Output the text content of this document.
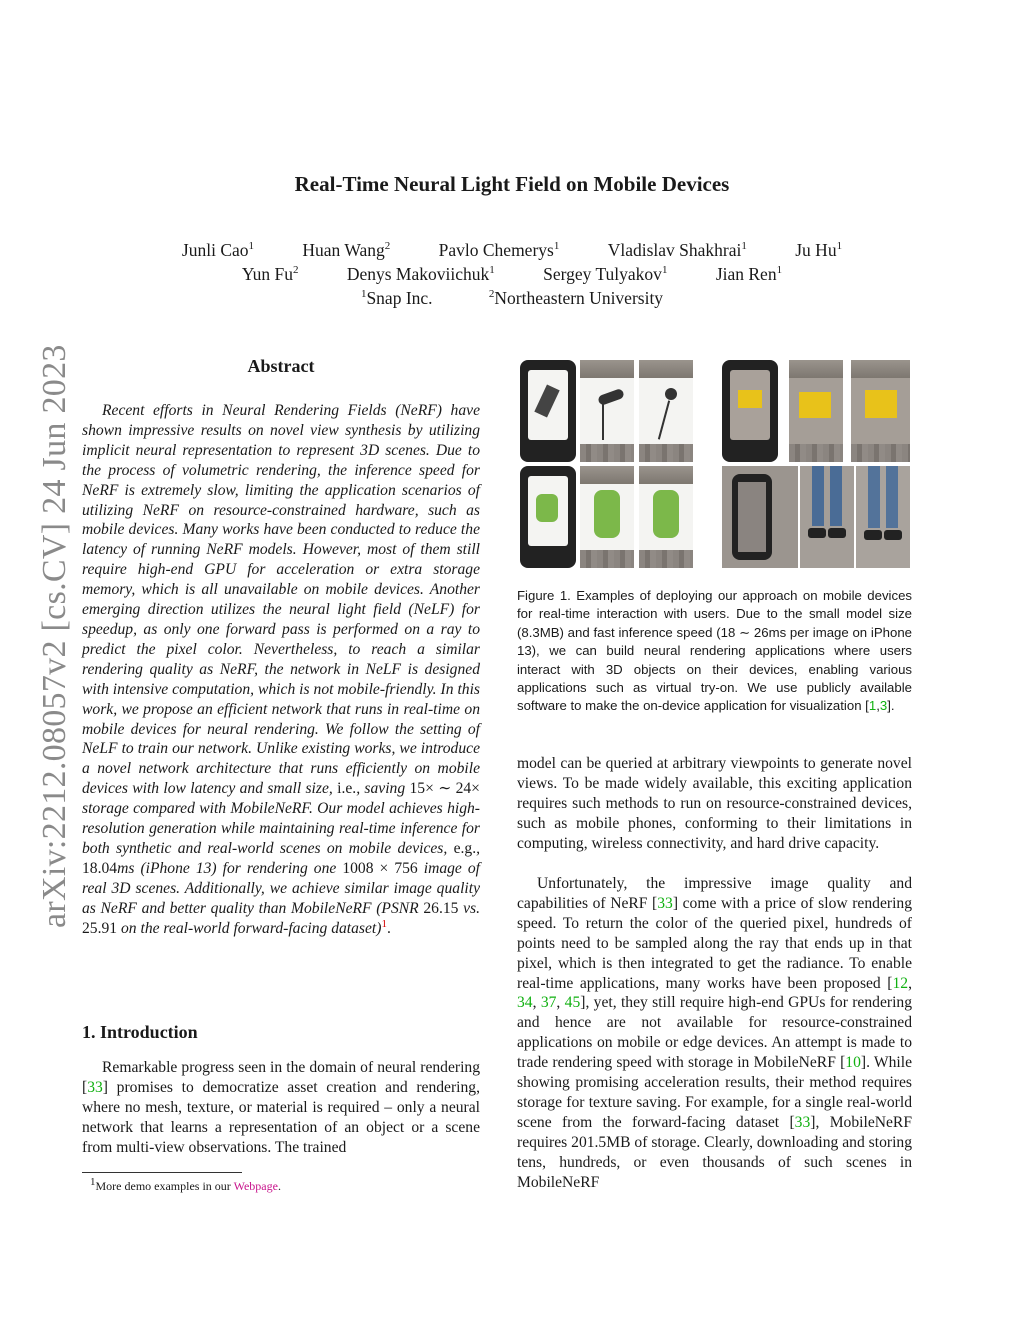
arXiv:2212.08057v2 [cs.CV] 24 Jun 2023
Real-Time Neural Light Field on Mobile Devices
Junli Cao$^1$	Huan Wang$^2$	Pavlo Chemerys$^1$	Vladislav Shakhrai$^1$	Ju Hu$^1$
Yun Fu$^2$	Denys Makoviichuk$^1$	Sergey Tulyakov$^1$	Jian Ren$^1$
$^1$Snap Inc.	$^2$Northeastern University
Abstract
Recent efforts in Neural Rendering Fields (NeRF) have shown impressive results on novel view synthesis by utilizing implicit neural representation to represent 3D scenes. Due to the process of volumetric rendering, the inference speed for NeRF is extremely slow, limiting the application scenarios of utilizing NeRF on resource-constrained hardware, such as mobile devices. Many works have been conducted to reduce the latency of running NeRF models. However, most of them still require high-end GPU for acceleration or extra storage memory, which is all unavailable on mobile devices. Another emerging direction utilizes the neural light field (NeLF) for speedup, as only one forward pass is performed on a ray to predict the pixel color. Nevertheless, to reach a similar rendering quality as NeRF, the network in NeLF is designed with intensive computation, which is not mobile-friendly. In this work, we propose an efficient network that runs in real-time on mobile devices for neural rendering. We follow the setting of NeLF to train our network. Unlike existing works, we introduce a novel network architecture that runs efficiently on mobile devices with low latency and small size, i.e., saving 15× ∼ 24× storage compared with MobileNeRF. Our model achieves high-resolution generation while maintaining real-time inference for both synthetic and real-world scenes on mobile devices, e.g., 18.04ms (iPhone 13) for rendering one 1008 × 756 image of real 3D scenes. Additionally, we achieve similar image quality as NeRF and better quality than MobileNeRF (PSNR 26.15 vs. 25.91 on the real-world forward-facing dataset)$^1$.
1. Introduction
Remarkable progress seen in the domain of neural rendering [33] promises to democratize asset creation and rendering, where no mesh, texture, or material is required – only a neural network that learns a representation of an object or a scene from multi-view observations. The trained
$^1$More demo examples in our Webpage.
Figure 1. Examples of deploying our approach on mobile devices for real-time interaction with users. Due to the small model size (8.3MB) and fast inference speed (18 ∼ 26ms per image on iPhone 13), we can build neural rendering applications where users interact with 3D objects on their devices, enabling various applications such as virtual try-on. We use publicly available software to make the on-device application for visualization [1,3].
model can be queried at arbitrary viewpoints to generate novel views. To be made widely available, this exciting application requires such methods to run on resource-constrained devices, such as mobile phones, conforming to their limitations in computing, wireless connectivity, and hard drive capacity.
Unfortunately, the impressive image quality and capabilities of NeRF [33] come with a price of slow rendering speed. To return the color of the queried pixel, hundreds of points need to be sampled along the ray that ends up in that pixel, which is then integrated to get the radiance. To enable real-time applications, many works have been proposed [12, 34, 37, 45], yet, they still require high-end GPUs for rendering and hence are not available for resource-constrained applications on mobile or edge devices. An attempt is made to trade rendering speed with storage in MobileNeRF [10]. While showing promising acceleration results, their method requires storage for texture saving. For example, for a single real-world scene from the forward-facing dataset [33], MobileNeRF requires 201.5MB of storage. Clearly, downloading and storing tens, hundreds, or even thousands of such scenes in MobileNeRF
